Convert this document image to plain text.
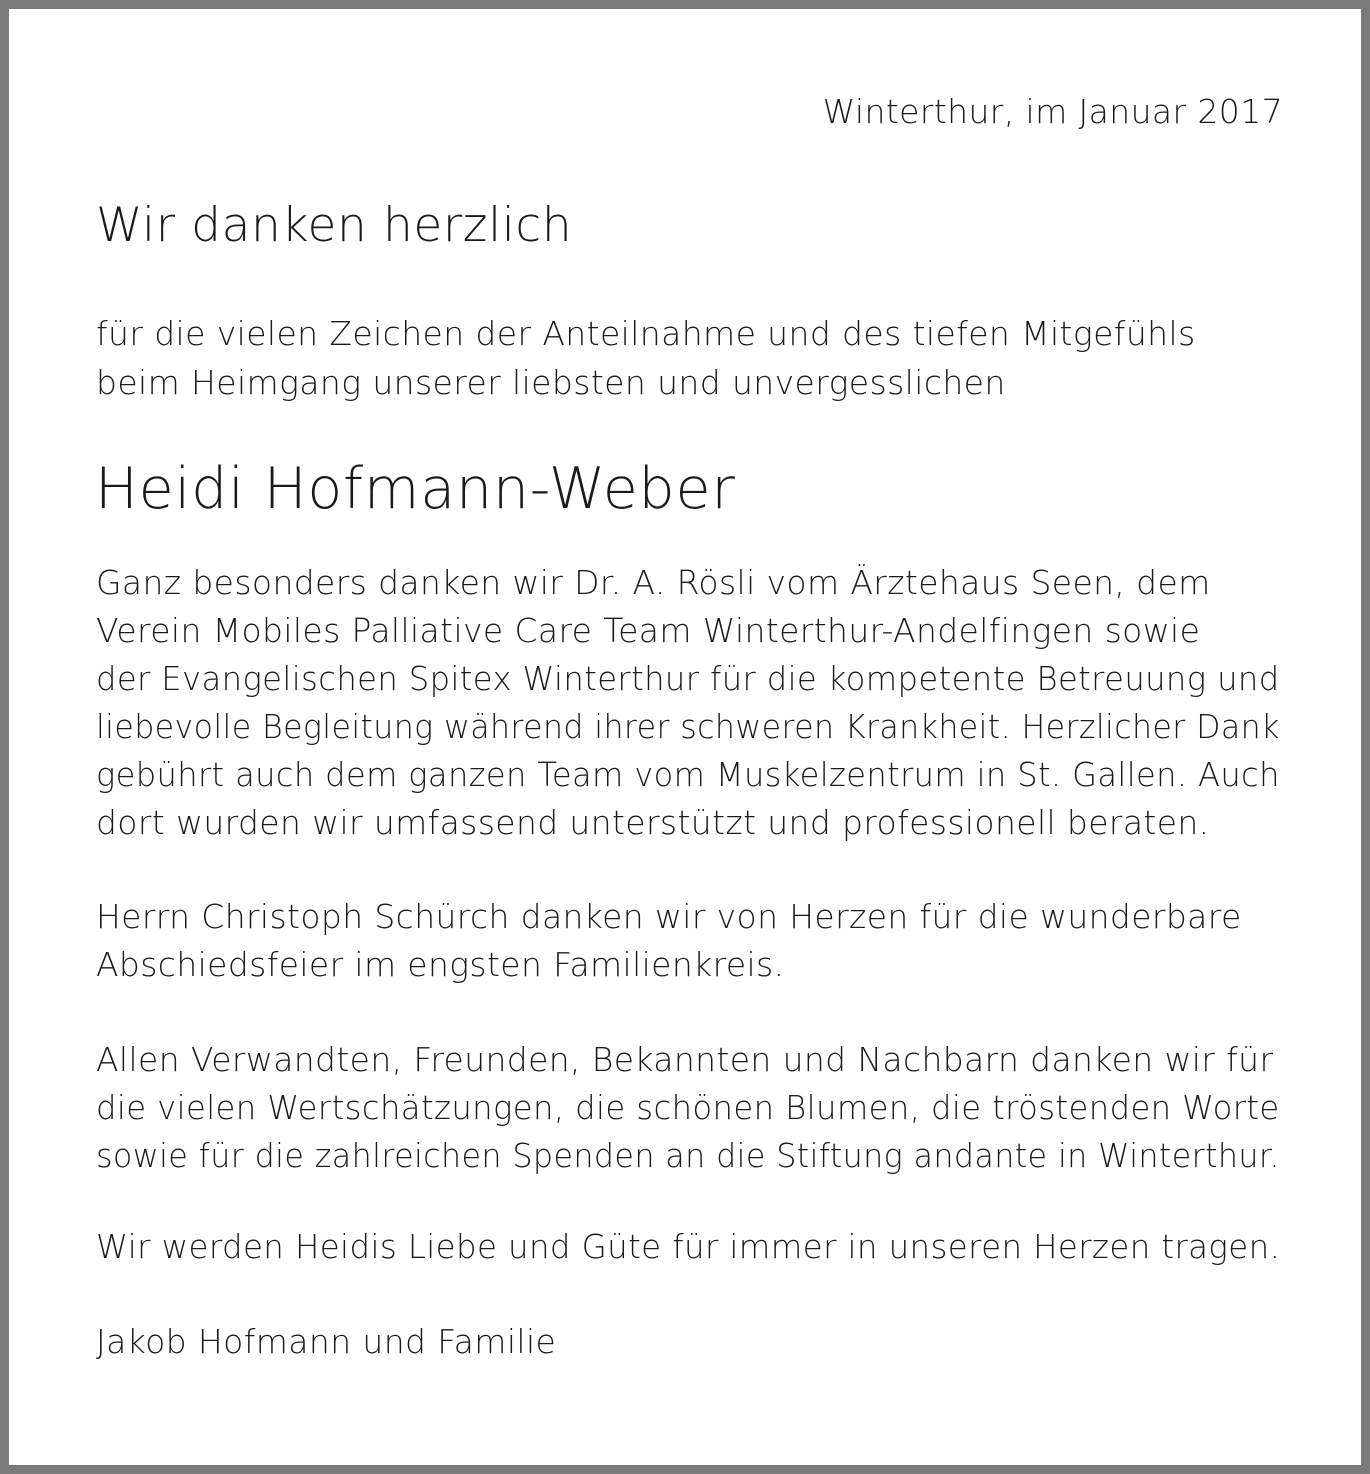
Winterthur, im Januar 2017
Wir danken herzlich
für die vielen Zeichen der Anteilnahme und des tiefen Mitgefühls
beim Heimgang unserer liebsten und unvergesslichen
Heidi Hofmann-Weber
Ganz besonders danken wir Dr. A. Rösli vom Ärztehaus Seen, dem
Verein Mobiles Palliative Care Team Winterthur-Andelfingen sowie
der Evangelischen Spitex Winterthur für die kompetente Betreuung und
liebevolle Begleitung während ihrer schweren Krankheit. Herzlicher Dank
gebührt auch dem ganzen Team vom Muskelzentrum in St. Gallen. Auch
dort wurden wir umfassend unterstützt und professionell beraten.
Herrn Christoph Schürch danken wir von Herzen für die wunderbare
Abschiedsfeier im engsten Familienkreis.
Allen Verwandten, Freunden, Bekannten und Nachbarn danken wir für
die vielen Wertschätzungen, die schönen Blumen, die tröstenden Worte
sowie für die zahlreichen Spenden an die Stiftung andante in Winterthur.
Wir werden Heidis Liebe und Güte für immer in unseren Herzen tragen.
Jakob Hofmann und Familie
